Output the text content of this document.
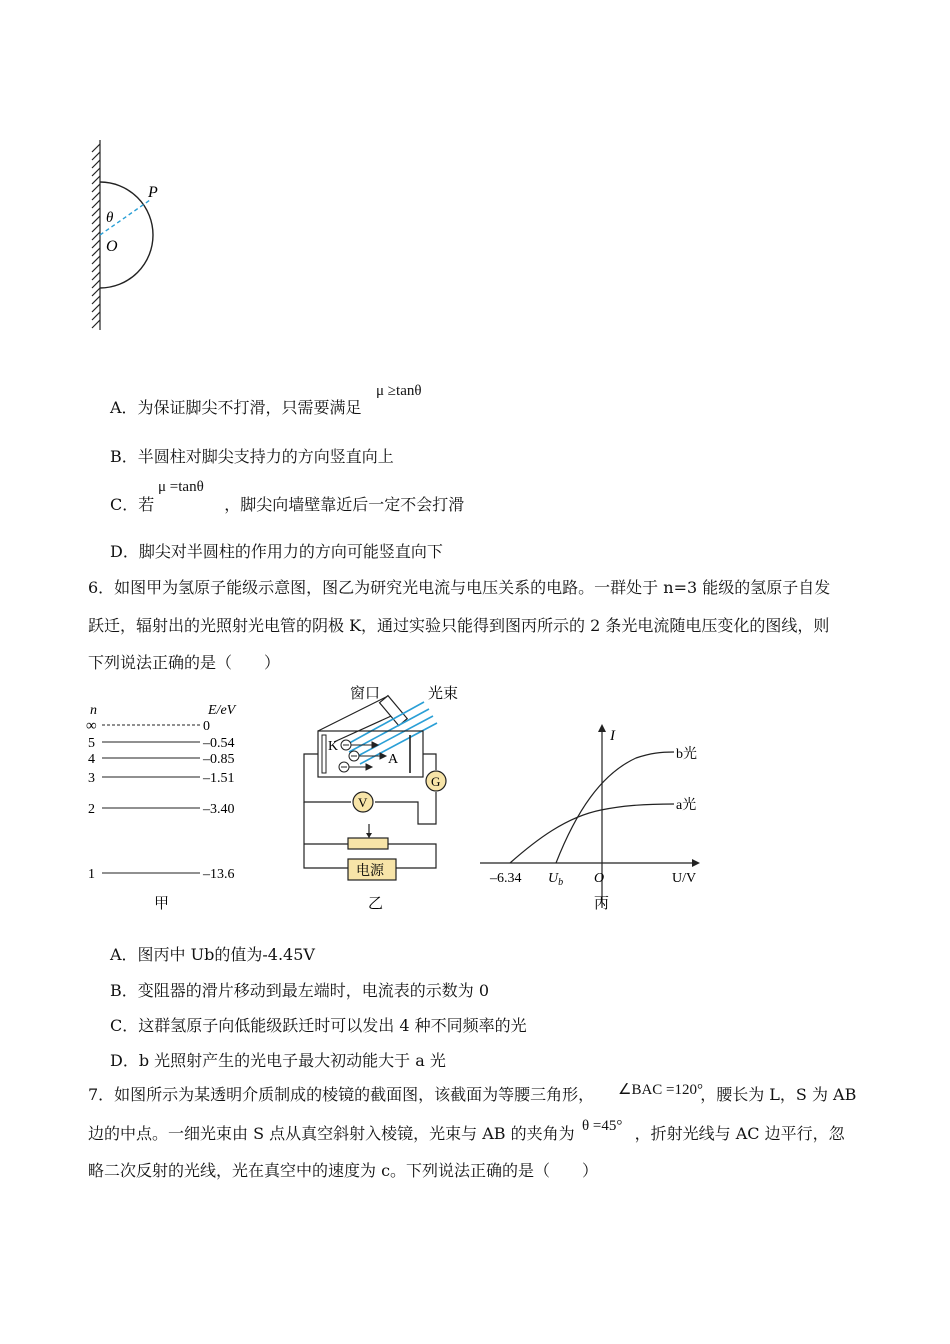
P
θ
O
A．为保证脚尖不打滑，只需要满足
μ ≥tanθ
B．半圆柱对脚尖支持力的方向竖直向上
C．若	，脚尖向墙壁靠近后一定不会打滑
μ =tanθ
D．脚尖对半圆柱的作用力的方向可能竖直向下
6．如图甲为氢原子能级示意图，图乙为研究光电流与电压关系的电路。一群处于 n=3 能级的氢原子自发
跃迁，辐射出的光照射光电管的阴极 K，通过实验只能得到图丙所示的 2 条光电流随电压变化的图线，则
下列说法正确的是（　　）
n	E/eV
∞	0
5	–0.54
4	–0.85
3	–1.51
2	–3.40
1	–13.6
甲
窗口	光束
K
A
G
V
电源
乙
I
b光
a光
–6.34 $U_b$ O	U/V
丙
A．图丙中 Ub的值为-4.45V
B．变阻器的滑片移动到最左端时，电流表的示数为 0
C．这群氢原子向低能级跃迁时可以发出 4 种不同频率的光
D．b 光照射产生的光电子最大初动能大于 a 光
7．如图所示为某透明介质制成的棱镜的截面图，该截面为等腰三角形，	，腰长为 L，S 为 AB
∠BAC =120°
边的中点。一细光束由 S 点从真空斜射入棱镜，光束与 AB 的夹角为	，折射光线与 AC 边平行，忽
θ =45°
略二次反射的光线，光在真空中的速度为 c。下列说法正确的是（　　）
